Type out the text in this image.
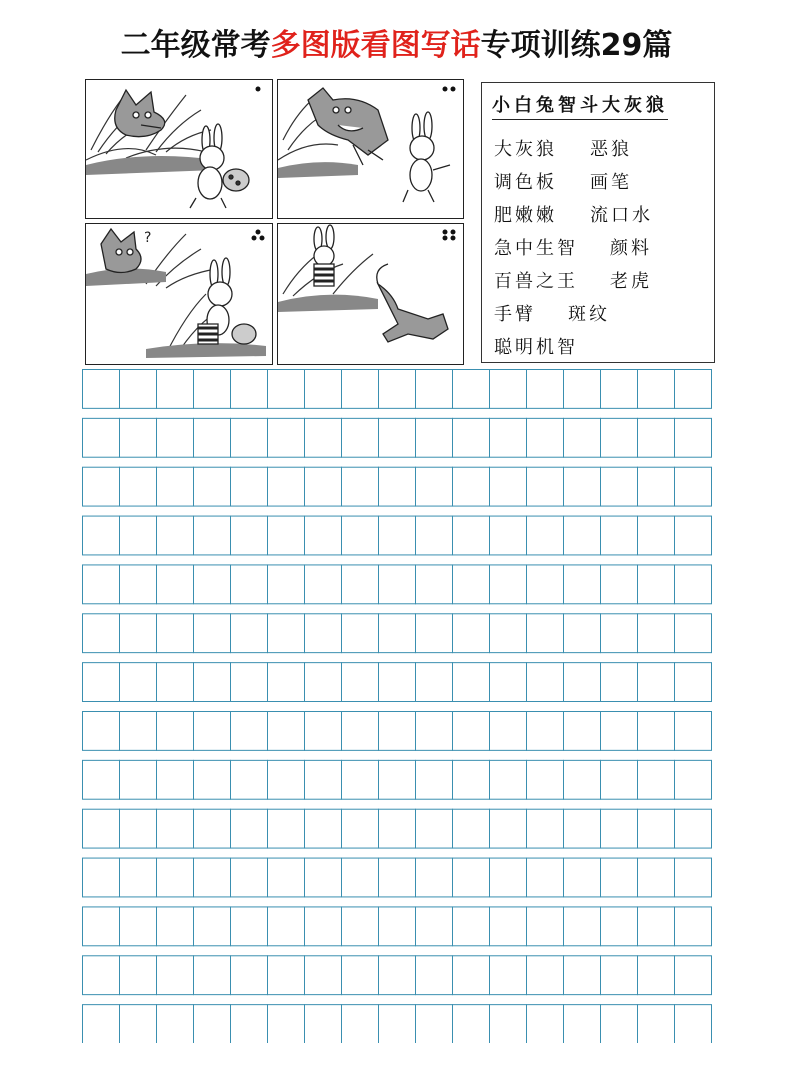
二年级常考多图版看图写话专项训练29篇
?
小白兔智斗大灰狼
大灰狼 恶狼
调色板 画笔
肥嫩嫩 流口水
急中生智 颜料
百兽之王 老虎
手臂 斑纹
聪明机智
